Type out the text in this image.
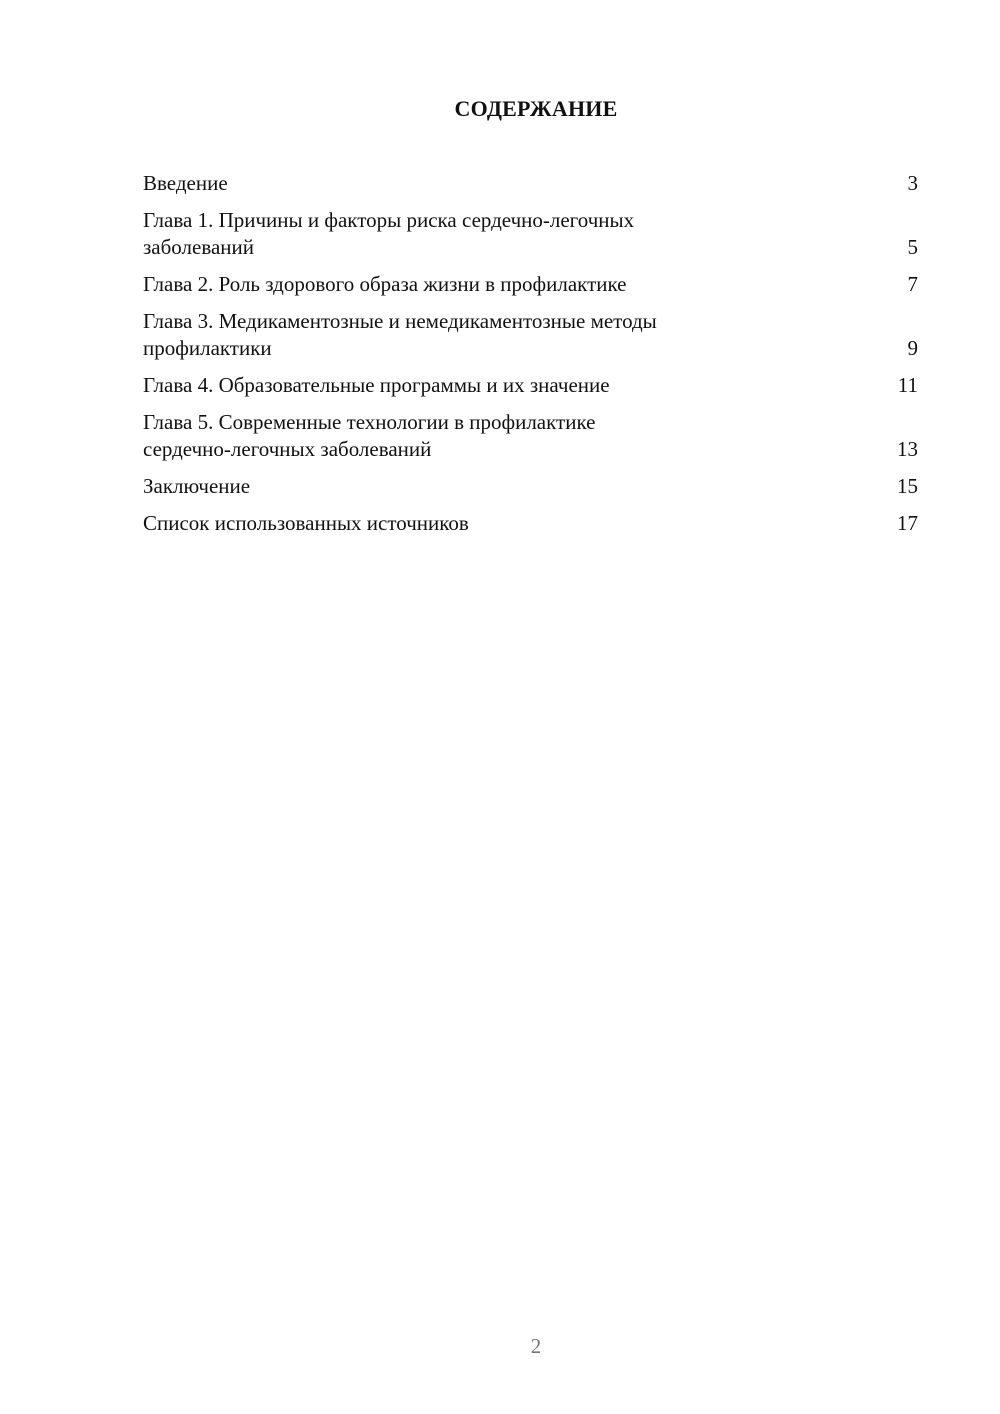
СОДЕРЖАНИЕ
Введение	3
Глава 1. Причины и факторы риска сердечно-легочных
заболеваний	5
Глава 2. Роль здорового образа жизни в профилактике	7
Глава 3. Медикаментозные и немедикаментозные методы
профилактики	9
Глава 4. Образовательные программы и их значение	11
Глава 5. Современные технологии в профилактике
сердечно-легочных заболеваний	13
Заключение	15
Список использованных источников	17
2
